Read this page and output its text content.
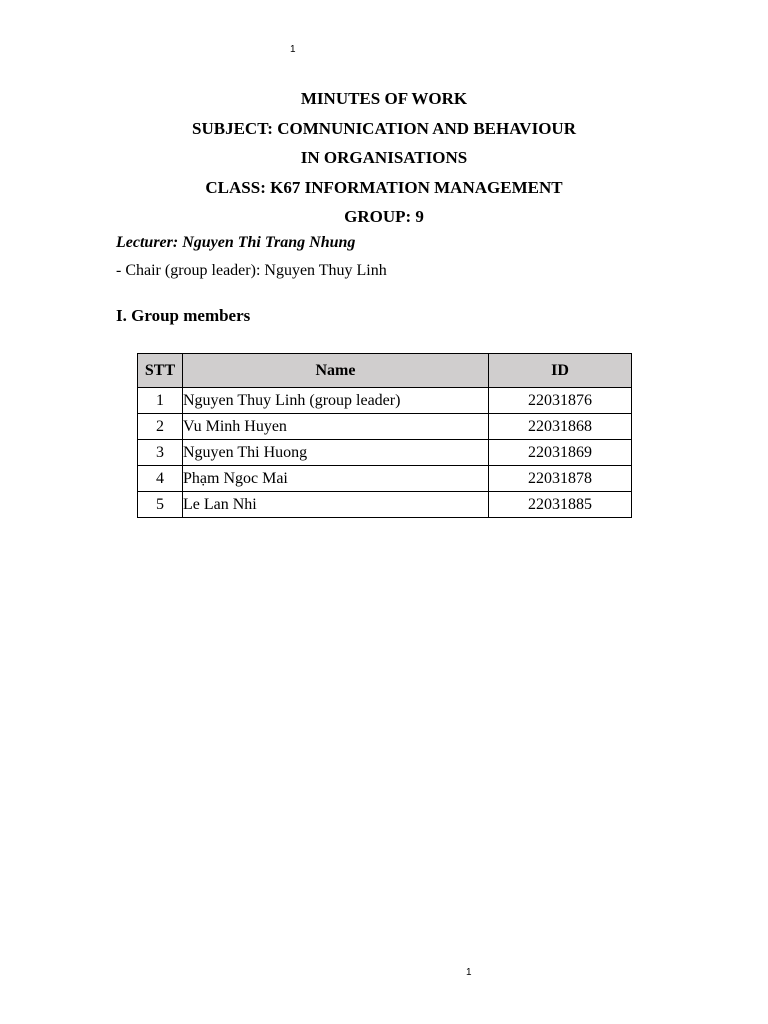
1
MINUTES OF WORK
SUBJECT: COMNUNICATION AND BEHAVIOUR
IN ORGANISATIONS
CLASS: K67 INFORMATION MANAGEMENT
GROUP: 9
Lecturer: Nguyen Thi Trang Nhung
- Chair (group leader): Nguyen Thuy Linh
I. Group members
STT	Name	ID
1	Nguyen Thuy Linh (group leader)	22031876
2	Vu Minh Huyen	22031868
3	Nguyen Thi Huong	22031869
4	Phạm Ngoc Mai	22031878
5	Le Lan Nhi	22031885
1
